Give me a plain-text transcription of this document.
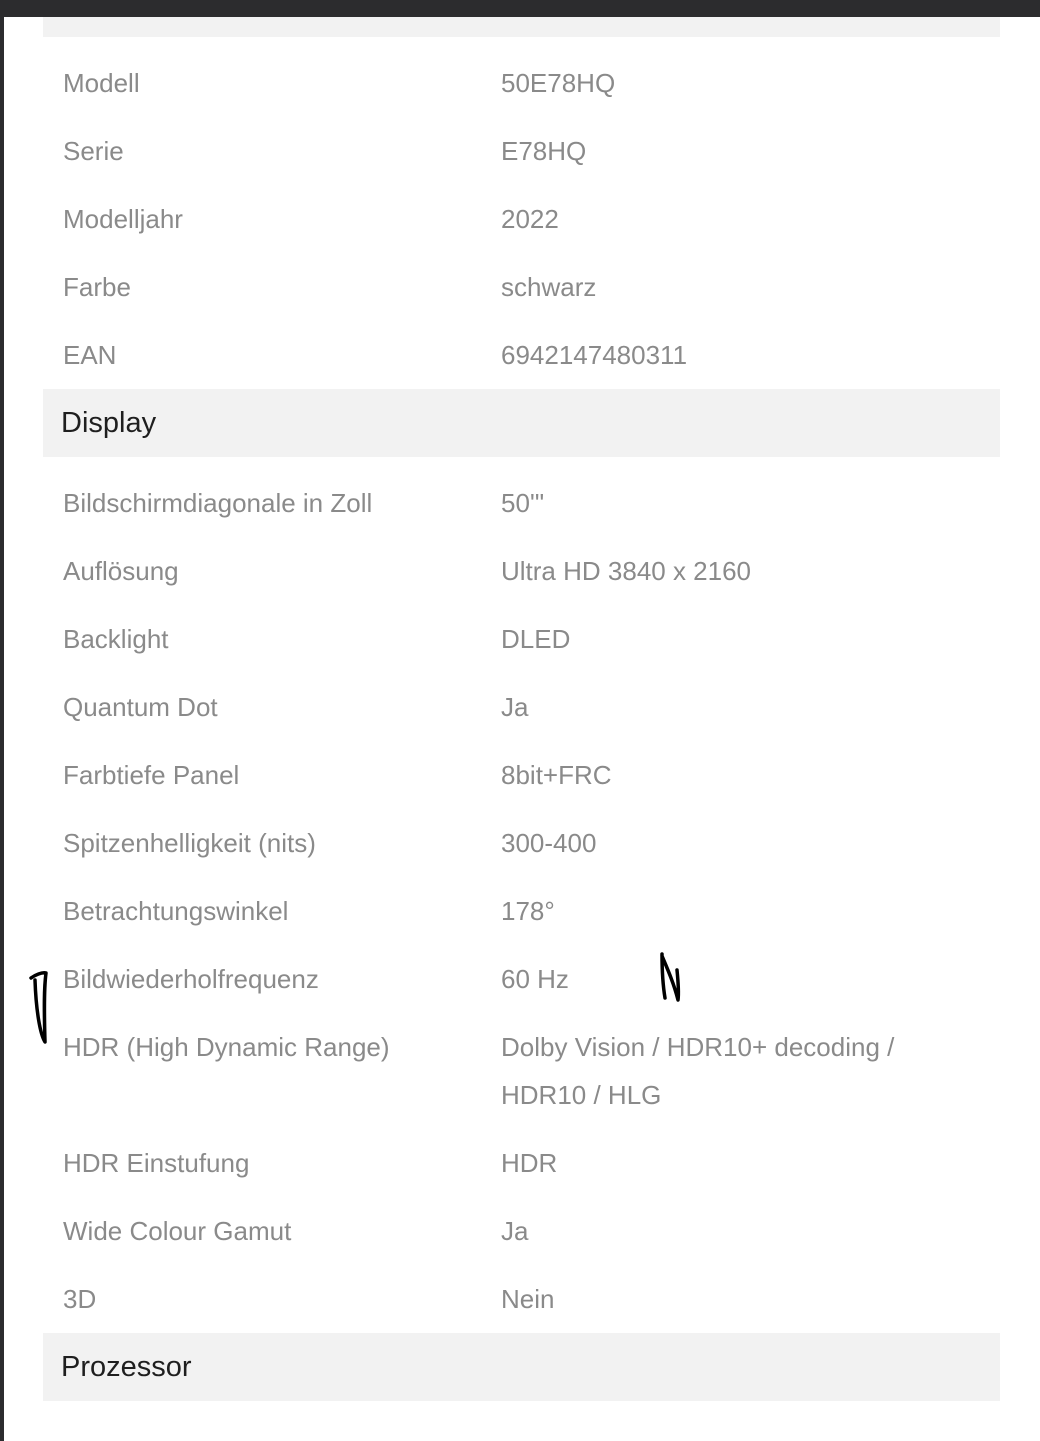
Modell	50E78HQ
Serie	E78HQ
Modelljahr	2022
Farbe	schwarz
EAN	6942147480311
Display
Bildschirmdiagonale in Zoll	50'"
Auflösung	Ultra HD 3840 x 2160
Backlight	DLED
Quantum Dot	Ja
Farbtiefe Panel	8bit+FRC
Spitzenhelligkeit (nits)	300-400
Betrachtungswinkel	178°
Bildwiederholfrequenz	60 Hz
HDR (High Dynamic Range)	Dolby Vision / HDR10+ decoding / HDR10 / HLG
HDR Einstufung	HDR
Wide Colour Gamut	Ja
3D	Nein
Prozessor
